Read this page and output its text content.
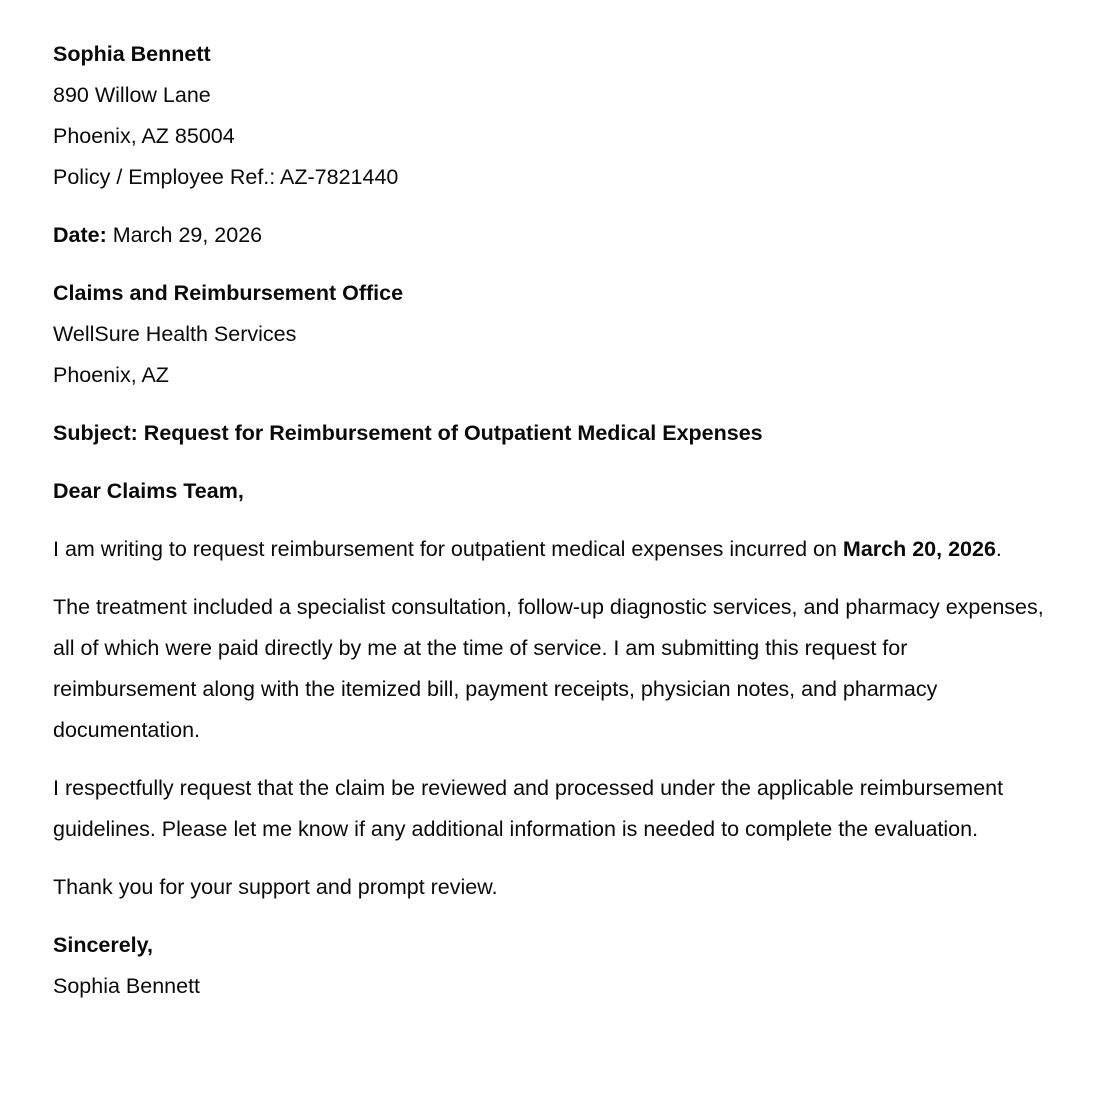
Sophia Bennett
890 Willow Lane
Phoenix, AZ 85004
Policy / Employee Ref.: AZ-7821440
Date: March 29, 2026
Claims and Reimbursement Office
WellSure Health Services
Phoenix, AZ

Subject: Request for Reimbursement of Outpatient Medical Expenses

Dear Claims Team,

I am writing to request reimbursement for outpatient medical expenses incurred on March 20, 2026.

The treatment included a specialist consultation, follow-up diagnostic services, and pharmacy expenses, all of which were paid directly by me at the time of service. I am submitting this request for reimbursement along with the itemized bill, payment receipts, physician notes, and pharmacy documentation.

I respectfully request that the claim be reviewed and processed under the applicable reimbursement guidelines. Please let me know if any additional information is needed to complete the evaluation.

Thank you for your support and prompt review.

Sincerely,
Sophia Bennett
